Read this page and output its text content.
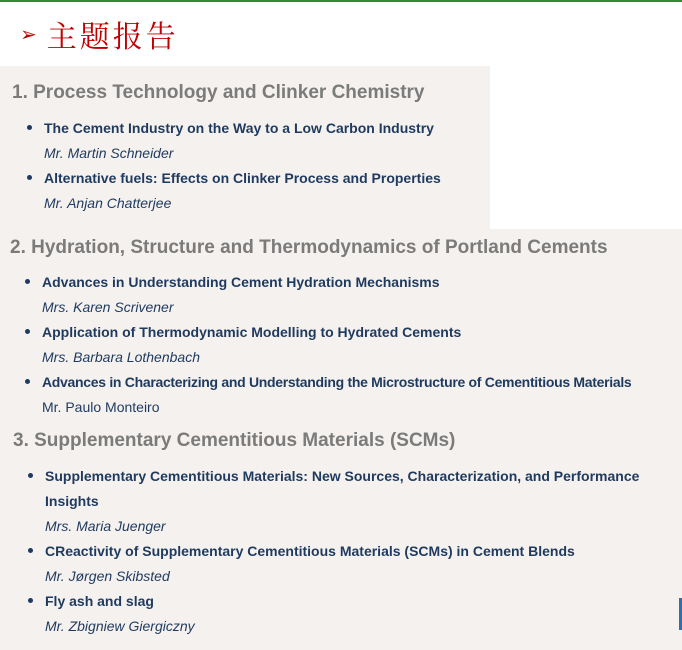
➢ 主题报告
1. Process Technology and Clinker Chemistry
The Cement Industry on the Way to a Low Carbon Industry
Mr. Martin Schneider
Alternative fuels: Effects on Clinker Process and Properties
Mr. Anjan Chatterjee
2. Hydration, Structure and Thermodynamics of Portland Cements
Advances in Understanding Cement Hydration Mechanisms
Mrs. Karen Scrivener
Application of Thermodynamic Modelling to Hydrated Cements
Mrs. Barbara Lothenbach
Advances in Characterizing and Understanding the Microstructure of Cementitious Materials
Mr. Paulo Monteiro
3. Supplementary Cementitious Materials (SCMs)
Supplementary Cementitious Materials: New Sources, Characterization, and Performance
Insights
Mrs. Maria Juenger
CReactivity of Supplementary Cementitious Materials (SCMs) in Cement Blends
Mr. Jørgen Skibsted
Fly ash and slag
Mr. Zbigniew Giergiczny
